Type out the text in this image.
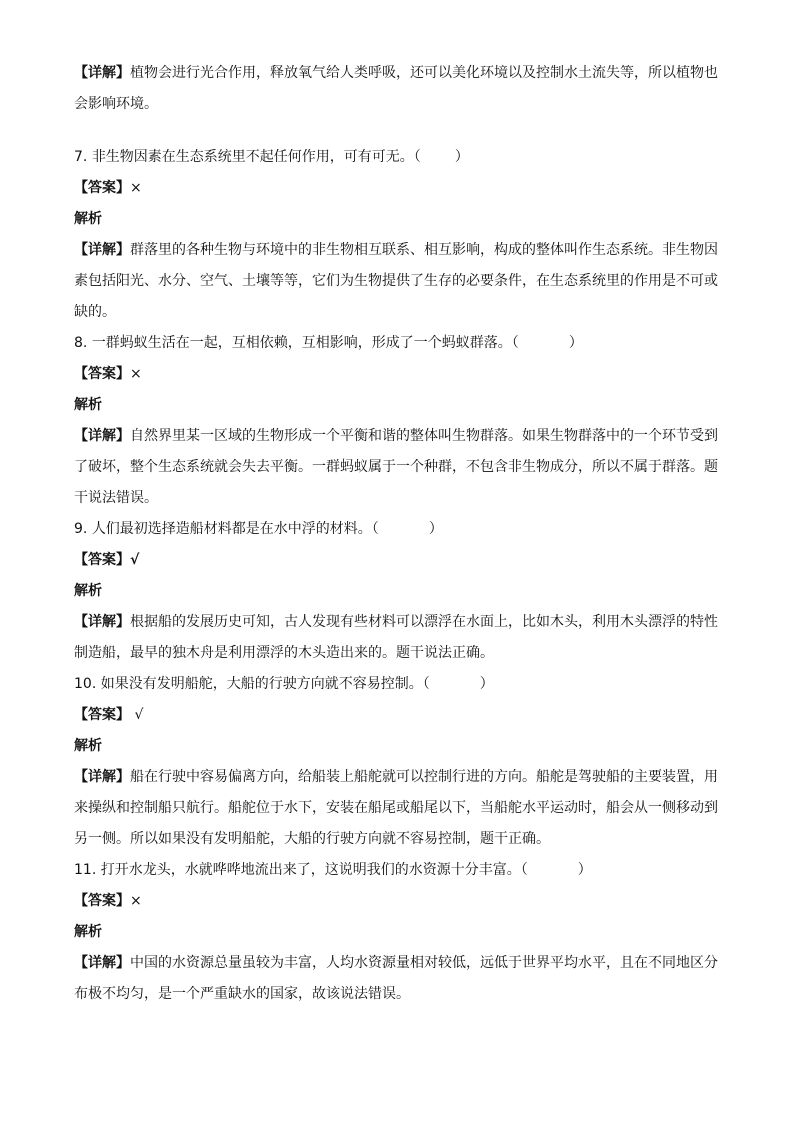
【详解】植物会进行光合作用，释放氧气给人类呼吸，还可以美化环境以及控制水土流失等，所以植物也
会影响环境。
7. 非生物因素在生态系统里不起任何作用，可有可无。（ ）
【答案】×
解析
【详解】群落里的各种生物与环境中的非生物相互联系、相互影响，构成的整体叫作生态系统。非生物因
素包括阳光、水分、空气、土壤等等，它们为生物提供了生存的必要条件，在生态系统里的作用是不可或
缺的。
8. 一群蚂蚁生活在一起，互相依赖，互相影响，形成了一个蚂蚁群落。（	）
【答案】×
解析
【详解】自然界里某一区域的生物形成一个平衡和谐的整体叫生物群落。如果生物群落中的一个环节受到
了破坏，整个生态系统就会失去平衡。一群蚂蚁属于一个种群，不包含非生物成分，所以不属于群落。题
干说法错误。
9. 人们最初选择造船材料都是在水中浮的材料。（	）
【答案】√
解析
【详解】根据船的发展历史可知，古人发现有些材料可以漂浮在水面上，比如木头，利用木头漂浮的特性
制造船，最早的独木舟是利用漂浮的木头造出来的。题干说法正确。
10. 如果没有发明船舵，大船的行驶方向就不容易控制。（	）
【答案】 √
解析
【详解】船在行驶中容易偏离方向，给船装上船舵就可以控制行进的方向。船舵是驾驶船的主要装置，用
来操纵和控制船只航行。船舵位于水下，安装在船尾或船尾以下，当船舵水平运动时，船会从一侧移动到
另一侧。所以如果没有发明船舵，大船的行驶方向就不容易控制，题干正确。
11. 打开水龙头，水就哗哗地流出来了，这说明我们的水资源十分丰富。（	）
【答案】×
解析
【详解】中国的水资源总量虽较为丰富，人均水资源量相对较低，远低于世界平均水平，且在不同地区分
布极不均匀，是一个严重缺水的国家，故该说法错误。
